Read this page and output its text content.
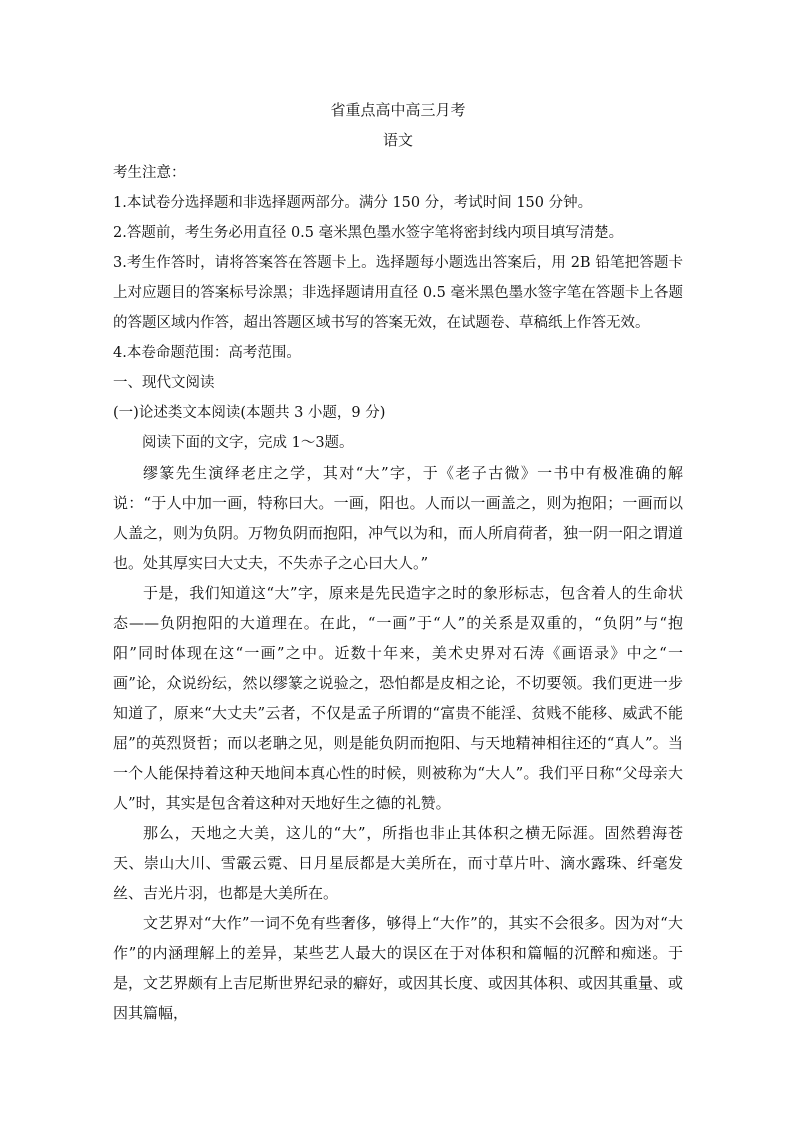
省重点高中高三月考
语文

考生注意：

1.本试卷分选择题和非选择题两部分。满分 150 分，考试时间 150 分钟。

2.答题前，考生务必用直径 0.5 毫米黑色墨水签字笔将密封线内项目填写清楚。

3.考生作答时，请将答案答在答题卡上。选择题每小题选出答案后，用 2B 铅笔把答题卡上对应题目的答案标号涂黑；非选择题请用直径 0.5 毫米黑色墨水签字笔在答题卡上各题的答题区域内作答，超出答题区域书写的答案无效，在试题卷、草稿纸上作答无效。

4.本卷命题范围：高考范围。

一、现代文阅读

(一)论述类文本阅读(本题共 3 小题，9 分)

阅读下面的文字，完成 1～3题。

缪篆先生演绎老庄之学，其对“大”字，于《老子古微》一书中有极准确的解说：“于人中加一画，特称曰大。一画，阳也。人而以一画盖之，则为抱阳；一画而以人盖之，则为负阴。万物负阴而抱阳，冲气以为和，而人所肩荷者，独一阴一阳之谓道也。处其厚实曰大丈夫，不失赤子之心曰大人。”

于是，我们知道这“大”字，原来是先民造字之时的象形标志，包含着人的生命状态——负阴抱阳的大道理在。在此，“一画”于“人”的关系是双重的，“负阴”与“抱阳”同时体现在这“一画”之中。近数十年来，美术史界对石涛《画语录》中之“一画”论，众说纷纭，然以缪篆之说验之，恐怕都是皮相之论，不切要领。我们更进一步知道了，原来“大丈夫”云者，不仅是孟子所谓的“富贵不能淫、贫贱不能移、威武不能屈”的英烈贤哲；而以老聃之见，则是能负阴而抱阳、与天地精神相往还的“真人”。当一个人能保持着这种天地间本真心性的时候，则被称为“大人”。我们平日称“父母亲大人”时，其实是包含着这种对天地好生之德的礼赞。

那么，天地之大美，这儿的“大”，所指也非止其体积之横无际涯。固然碧海苍天、崇山大川、雪霰云霓、日月星辰都是大美所在，而寸草片叶、滴水露珠、纤毫发丝、吉光片羽，也都是大美所在。

文艺界对“大作”一词不免有些奢侈，够得上“大作”的，其实不会很多。因为对“大作”的内涵理解上的差异，某些艺人最大的误区在于对体积和篇幅的沉醉和痴迷。于是，文艺界颇有上吉尼斯世界纪录的癖好，或因其长度、或因其体积、或因其重量、或因其篇幅，
